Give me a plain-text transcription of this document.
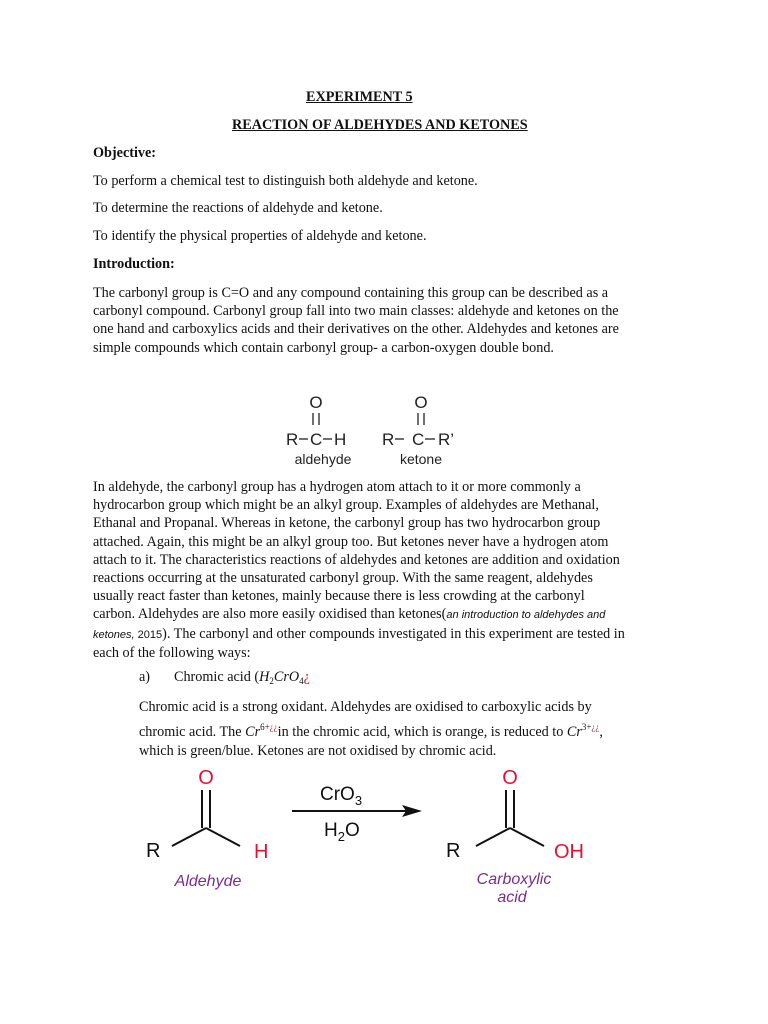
EXPERIMENT 5
REACTION OF ALDEHYDES AND KETONES
Objective:
To perform a chemical test to distinguish both aldehyde and ketone.
To determine the reactions of aldehyde and ketone.
To identify the physical properties of aldehyde and ketone.
Introduction:
The carbonyl group is C=O and any compound containing this group can be described as a
carbonyl compound. Carbonyl group fall into two main classes: aldehyde and ketones on the
one hand and carboxylics acids and their derivatives on the other. Aldehydes and ketones are
simple compounds which contain carbonyl group- a carbon-oxygen double bond.
O
R C H
aldehyde
O
R C R’
ketone
In aldehyde, the carbonyl group has a hydrogen atom attach to it or more commonly a
hydrocarbon group which might be an alkyl group. Examples of aldehydes are Methanal,
Ethanal and Propanal. Whereas in ketone, the carbonyl group has two hydrocarbon group
attached. Again, this might be an alkyl group too. But ketones never have a hydrogen atom
attach to it. The characteristics reactions of aldehydes and ketones are addition and oxidation
reactions occurring at the unsaturated carbonyl group. With the same reagent, aldehydes
usually react faster than ketones, mainly because there is less crowding at the carbonyl
carbon. Aldehydes are also more easily oxidised than ketones(an introduction to aldehydes and
ketones, 2015). The carbonyl and other compounds investigated in this experiment are tested in
each of the following ways:
a) Chromic acid ($H_2CrO_4¿$
Chromic acid is a strong oxidant. Aldehydes are oxidised to carboxylic acids by
chromic acid. The $Cr^{6+¿¿}in$ the chromic acid, which is orange, is reduced to $Cr^{3+¿¿}$,
which is green/blue. Ketones are not oxidised by chromic acid.
O
R	H
Aldehyde
CrO$_3$
$H_2O$
O
R	OH
Carboxylic
acid
